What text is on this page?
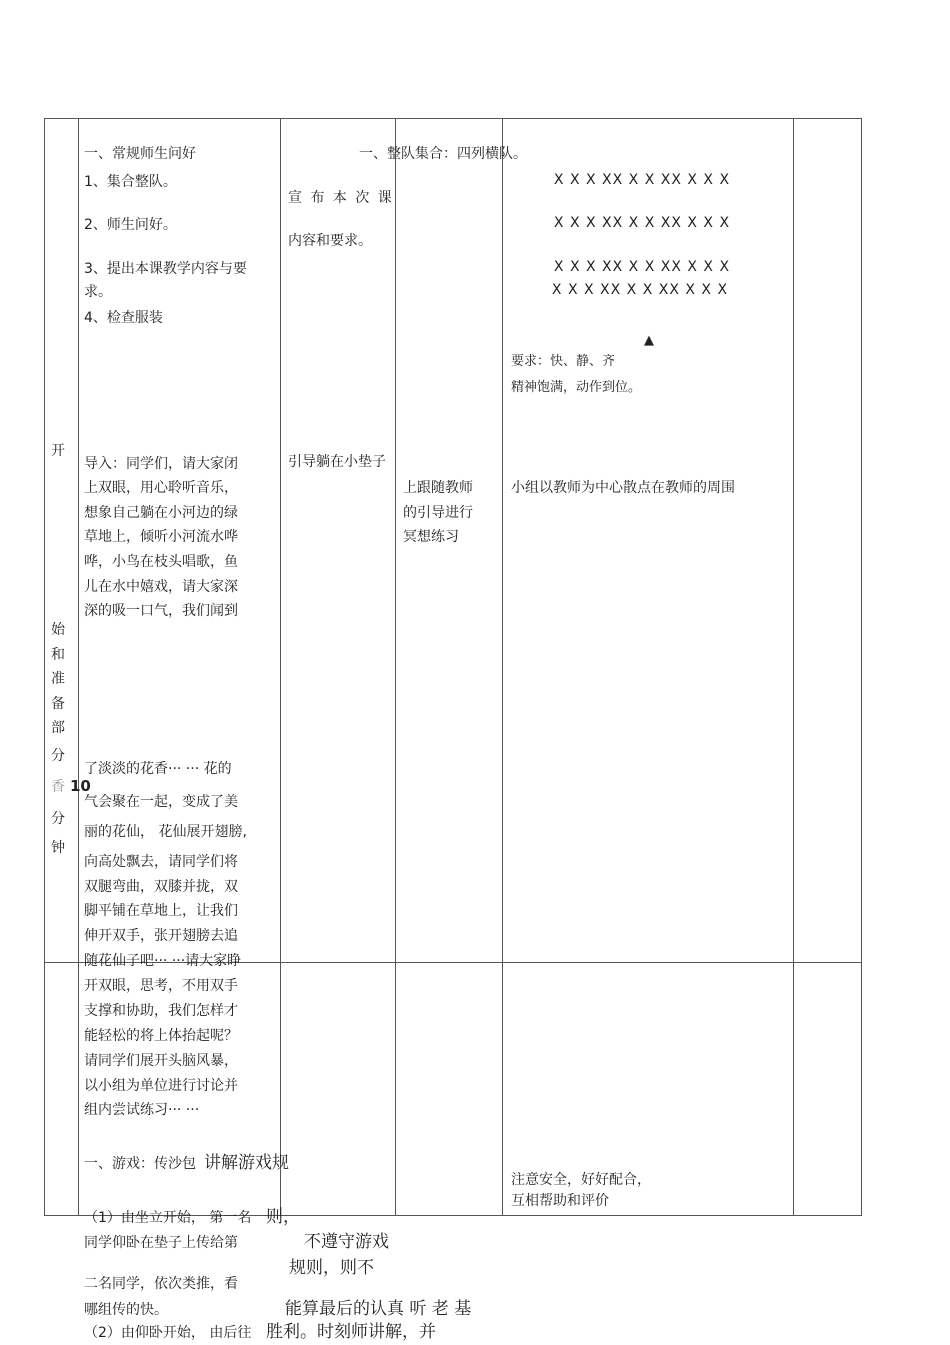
开
始
和
准
备
部
分
香 10
分
钟
一、常规师生问好
1、集合整队。
2、师生问好。
3、提出本课教学内容与要
求。
4、检查服装
导入：同学们，请大家闭
上双眼，用心聆听音乐，
想象自己躺在小河边的绿
草地上，倾听小河流水哗
哗，小鸟在枝头唱歌，鱼
儿在水中嬉戏，请大家深
深的吸一口气，我们闻到
了淡淡的花香··· ··· 花的
气会聚在一起，变成了美
丽的花仙， 花仙展开翅膀,
向高处飘去，请同学们将
双腿弯曲，双膝并拢，双
脚平铺在草地上，让我们
伸开双手，张开翅膀去追
随花仙子吧··· ···请大家睁
开双眼，思考，不用双手
支撑和协助，我们怎样才
能轻松的将上体抬起呢？
请同学们展开头脑风暴，
以小组为单位进行讨论并
组内尝试练习··· ···
一、游戏：传沙包
（1）由坐立开始， 第一名
同学仰卧在垫子上传给第
二名同学，依次类推，看
哪组传的快。
（2）由仰卧开始， 由后往
宣 布 本 次 课
内容和要求。
引导躺在小垫子
讲解游戏规
则，
不遵守游戏
规则，则不
能算最后的认真 听 老 基
胜利。时刻师讲解，并
一、整队集合：四列横队。
上跟随教师
的引导进行
冥想练习
X X X XX X X XX X X X
X X X XX X X XX X X X
X X X XX X X XX X X X
X X X XX X X XX X X X
▲
要求：快、静、齐
精神饱满，动作到位。
小组以教师为中心散点在教师的周围
注意安全，好好配合，
互相帮助和评价
